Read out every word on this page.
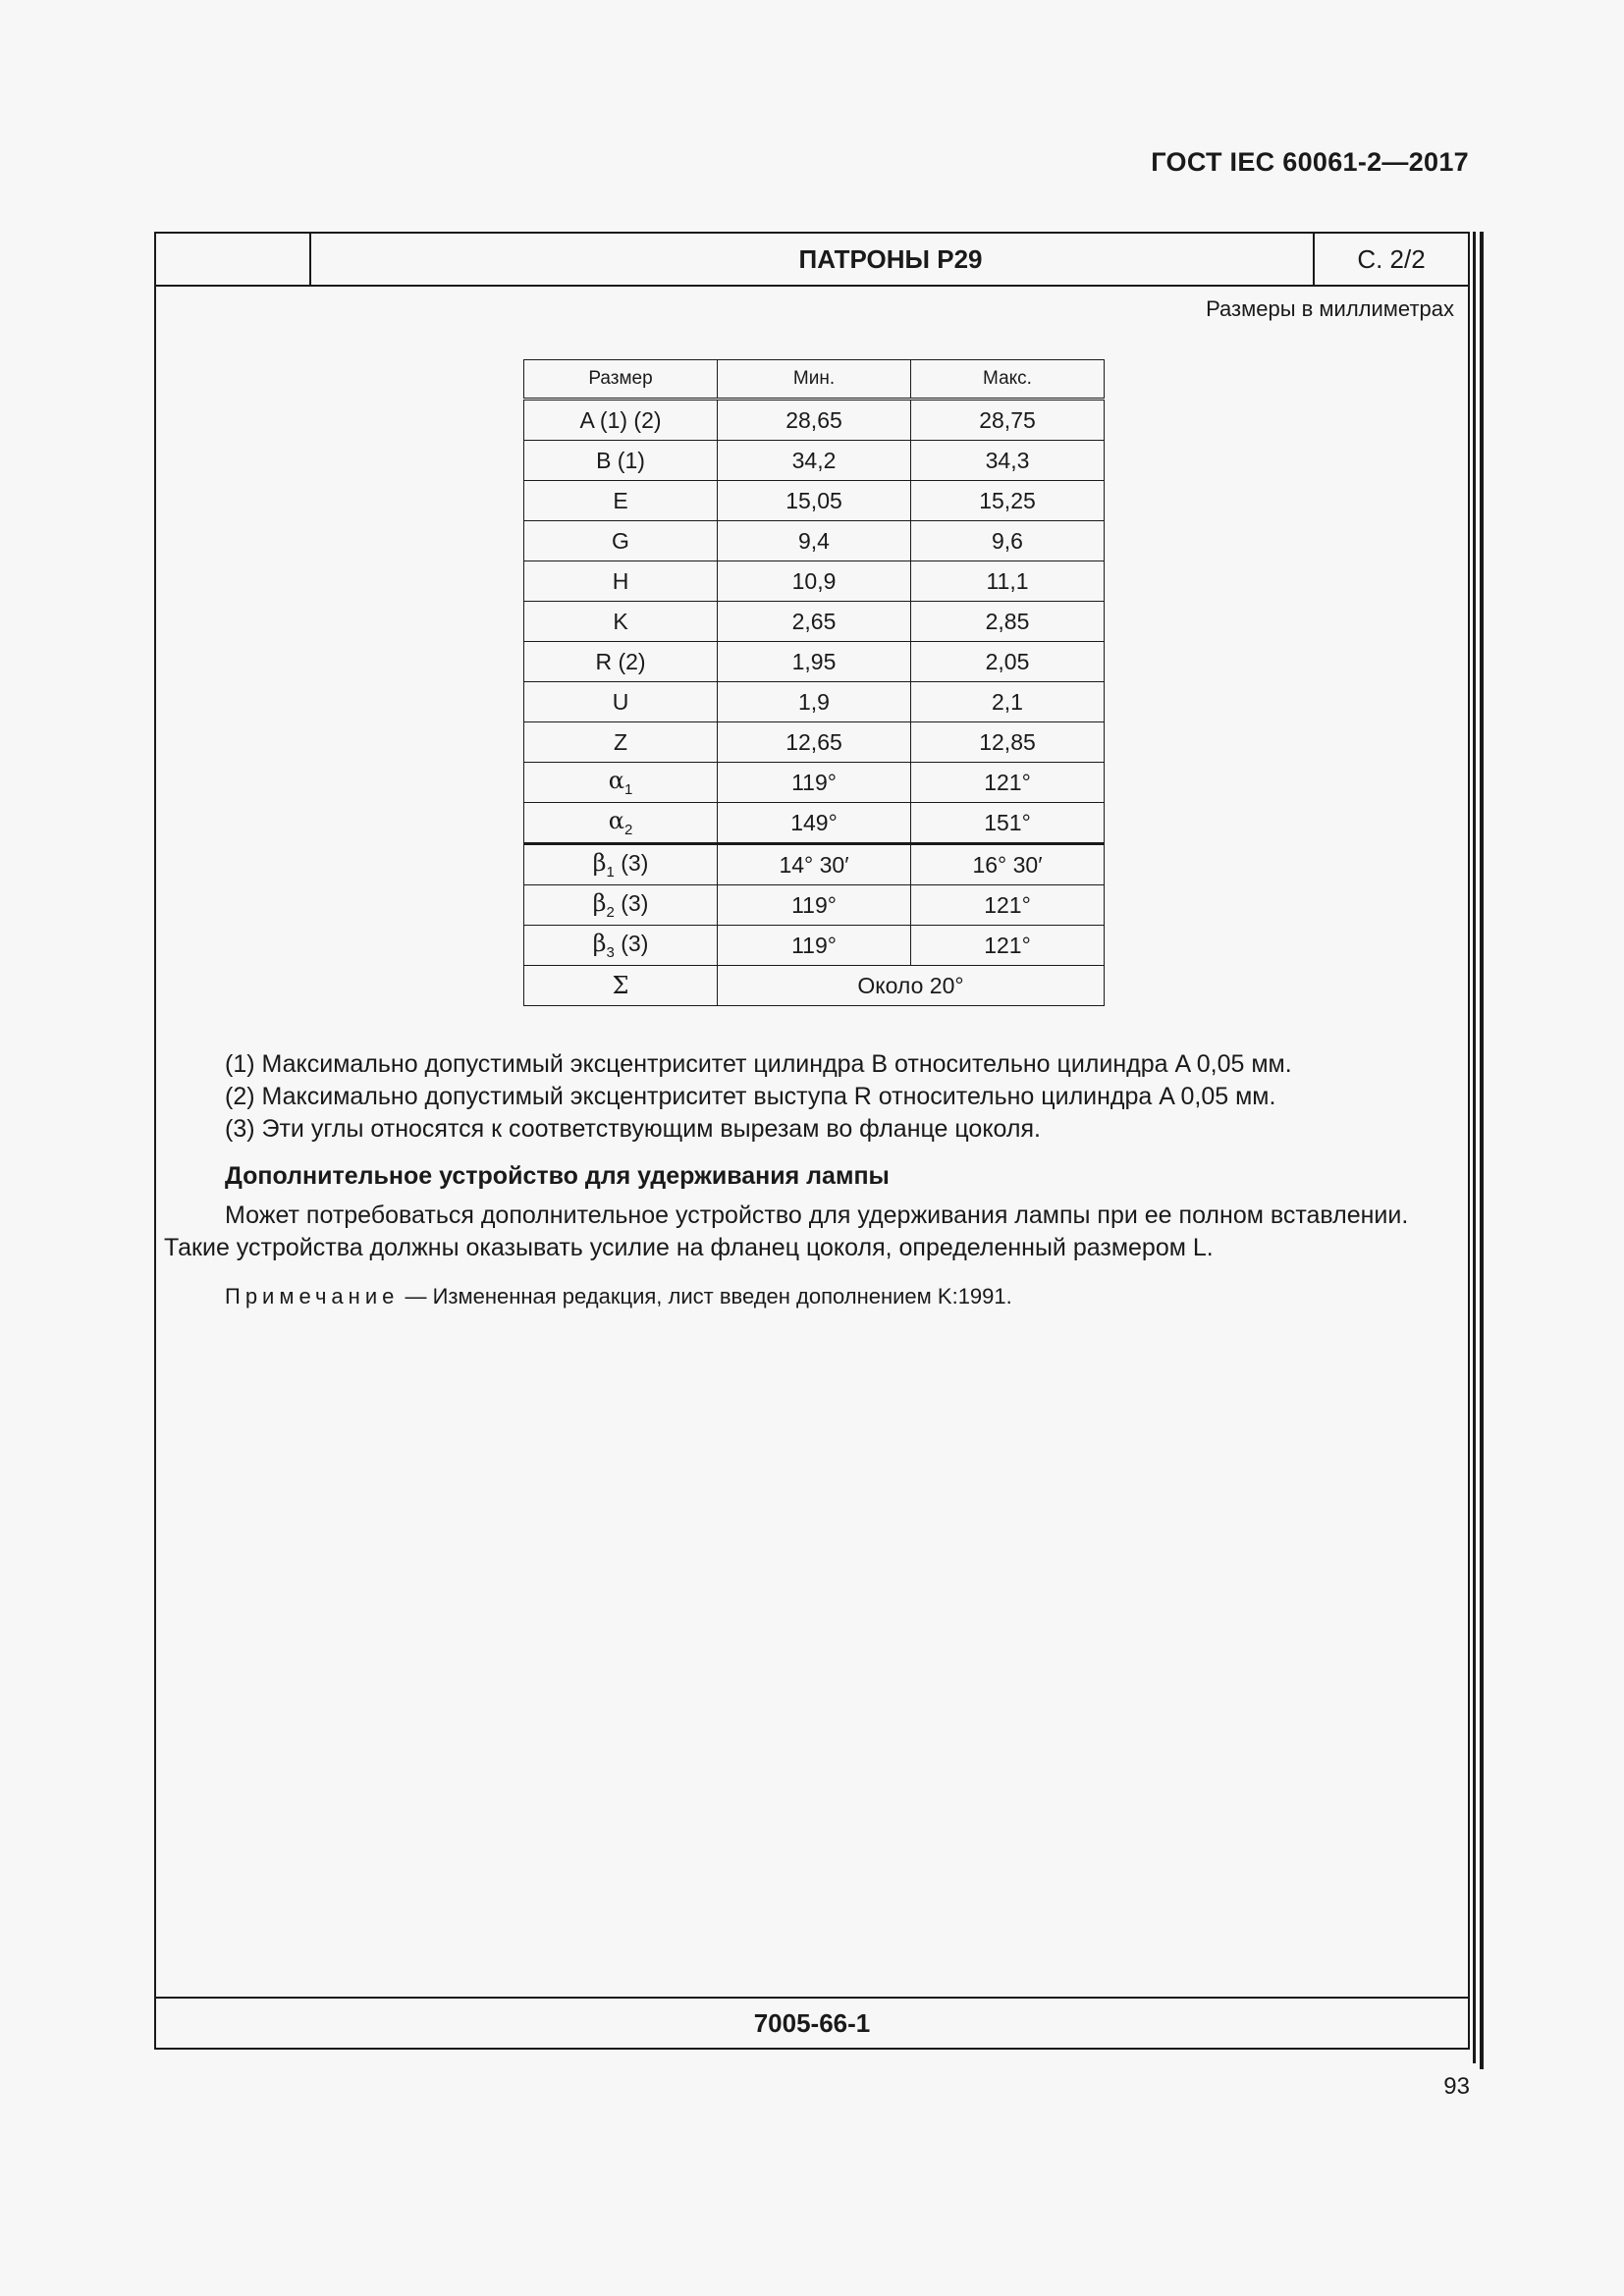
ГОСТ IEC 60061-2—2017
ПАТРОНЫ P29	С. 2/2
Размеры в миллиметрах
Размер	Мин.	Макс.
A (1) (2)	28,65	28,75
B (1)	34,2	34,3
E	15,05	15,25
G	9,4	9,6
H	10,9	11,1
K	2,65	2,85
R (2)	1,95	2,05
U	1,9	2,1
Z	12,65	12,85
$\alpha_1$	119°	121°
$\alpha_2$	149°	151°
$\beta_1$ (3)	14° 30′	16° 30′
$\beta_2$ (3)	119°	121°
$\beta_3$ (3)	119°	121°
Σ	Около 20°	

(1) Максимально допустимый эксцентриситет цилиндра B относительно цилиндра A 0,05 мм.

(2) Максимально допустимый эксцентриситет выступа R относительно цилиндра A 0,05 мм.

(3) Эти углы относятся к соответствующим вырезам во фланце цоколя.

Дополнительное устройство для удерживания лампы
Может потребоваться дополнительное устройство для удерживания лампы при ее полном вставлении. Такие устройства должны оказывать усилие на фланец цоколя, определенный размером L.
Примечание — Измененная редакция, лист введен дополнением K:1991.
7005-66-1
93
